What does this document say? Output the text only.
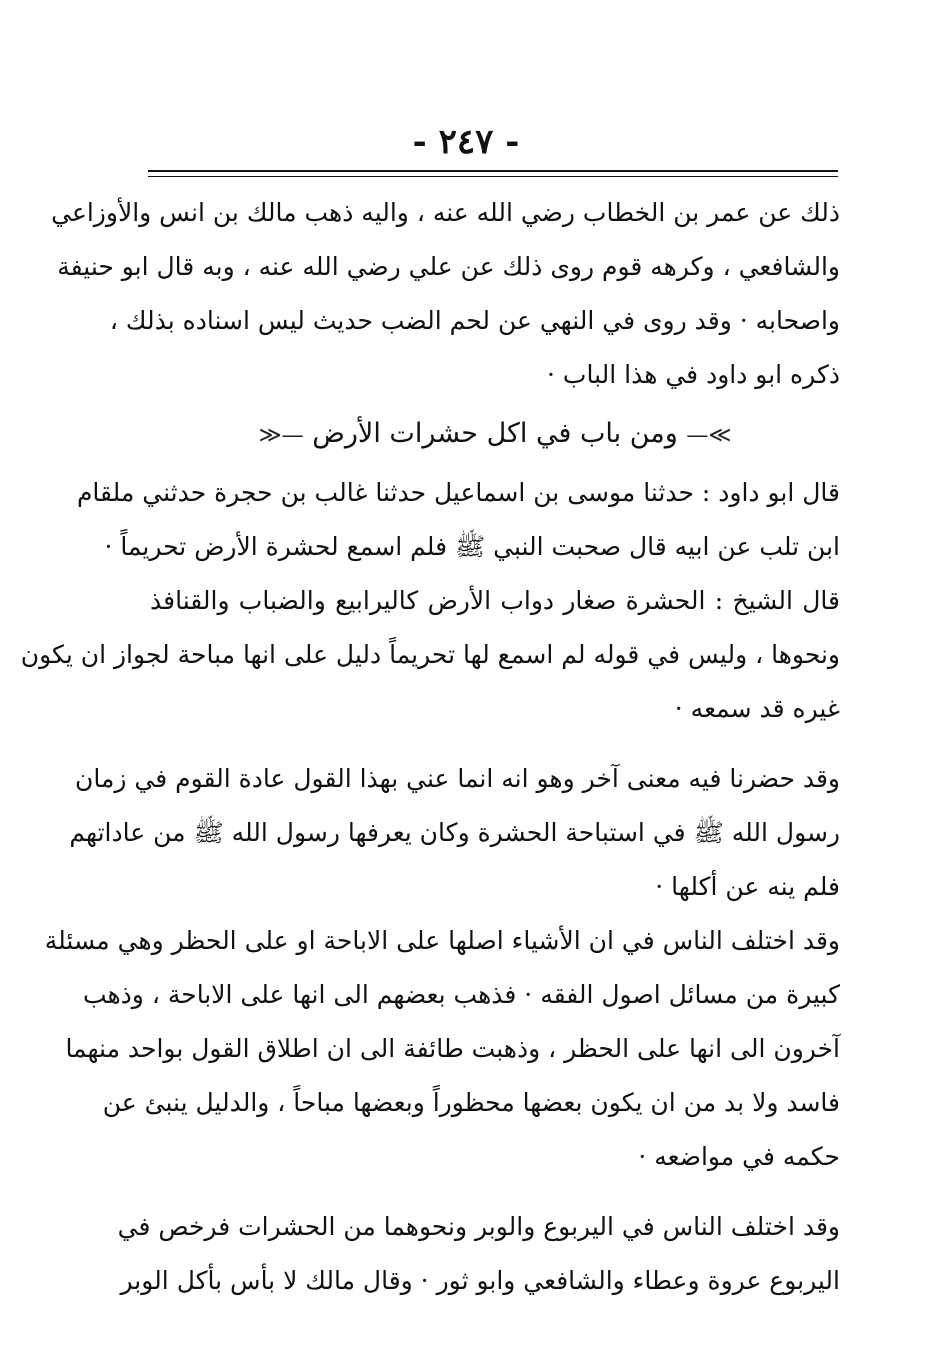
- ٢٤٧ -
ذلك عن عمر بن الخطاب رضي الله عنه ، واليه ذهب مالك بن انس والأوزاعي
والشافعي ، وكرهه قوم روى ذلك عن علي رضي الله عنه ، وبه قال ابو حنيفة
واصحابه · وقد روى في النهي عن لحم الضب حديث ليس اسناده بذلك ،
ذكره ابو داود في هذا الباب ·
≫— ومن باب في اكل حشرات الأرض —≪
قال ابو داود : حدثنا موسى بن اسماعيل حدثنا غالب بن حجرة حدثني ملقام
ابن تلب عن ابيه قال صحبت النبي ﷺ فلم اسمع لحشرة الأرض تحريماً ·
قال الشيخ : الحشرة صغار دواب الأرض كاليرابيع والضباب والقنافذ
ونحوها ، وليس في قوله لم اسمع لها تحريماً دليل على انها مباحة لجواز ان يكون
غيره قد سمعه ·
وقد حضرنا فيه معنى آخر وهو انه انما عني بهذا القول عادة القوم في زمان
رسول الله ﷺ في استباحة الحشرة وكان يعرفها رسول الله ﷺ من عاداتهم
فلم ينه عن أكلها ·
وقد اختلف الناس في ان الأشياء اصلها على الاباحة او على الحظر وهي مسئلة
كبيرة من مسائل اصول الفقه · فذهب بعضهم الى انها على الاباحة ، وذهب
آخرون الى انها على الحظر ، وذهبت طائفة الى ان اطلاق القول بواحد منهما
فاسد ولا بد من ان يكون بعضها محظوراً وبعضها مباحاً ، والدليل ينبئ عن
حكمه في مواضعه ·
وقد اختلف الناس في اليربوع والوبر ونحوهما من الحشرات فرخص في
اليربوع عروة وعطاء والشافعي وابو ثور · وقال مالك لا بأس بأكل الوبر
